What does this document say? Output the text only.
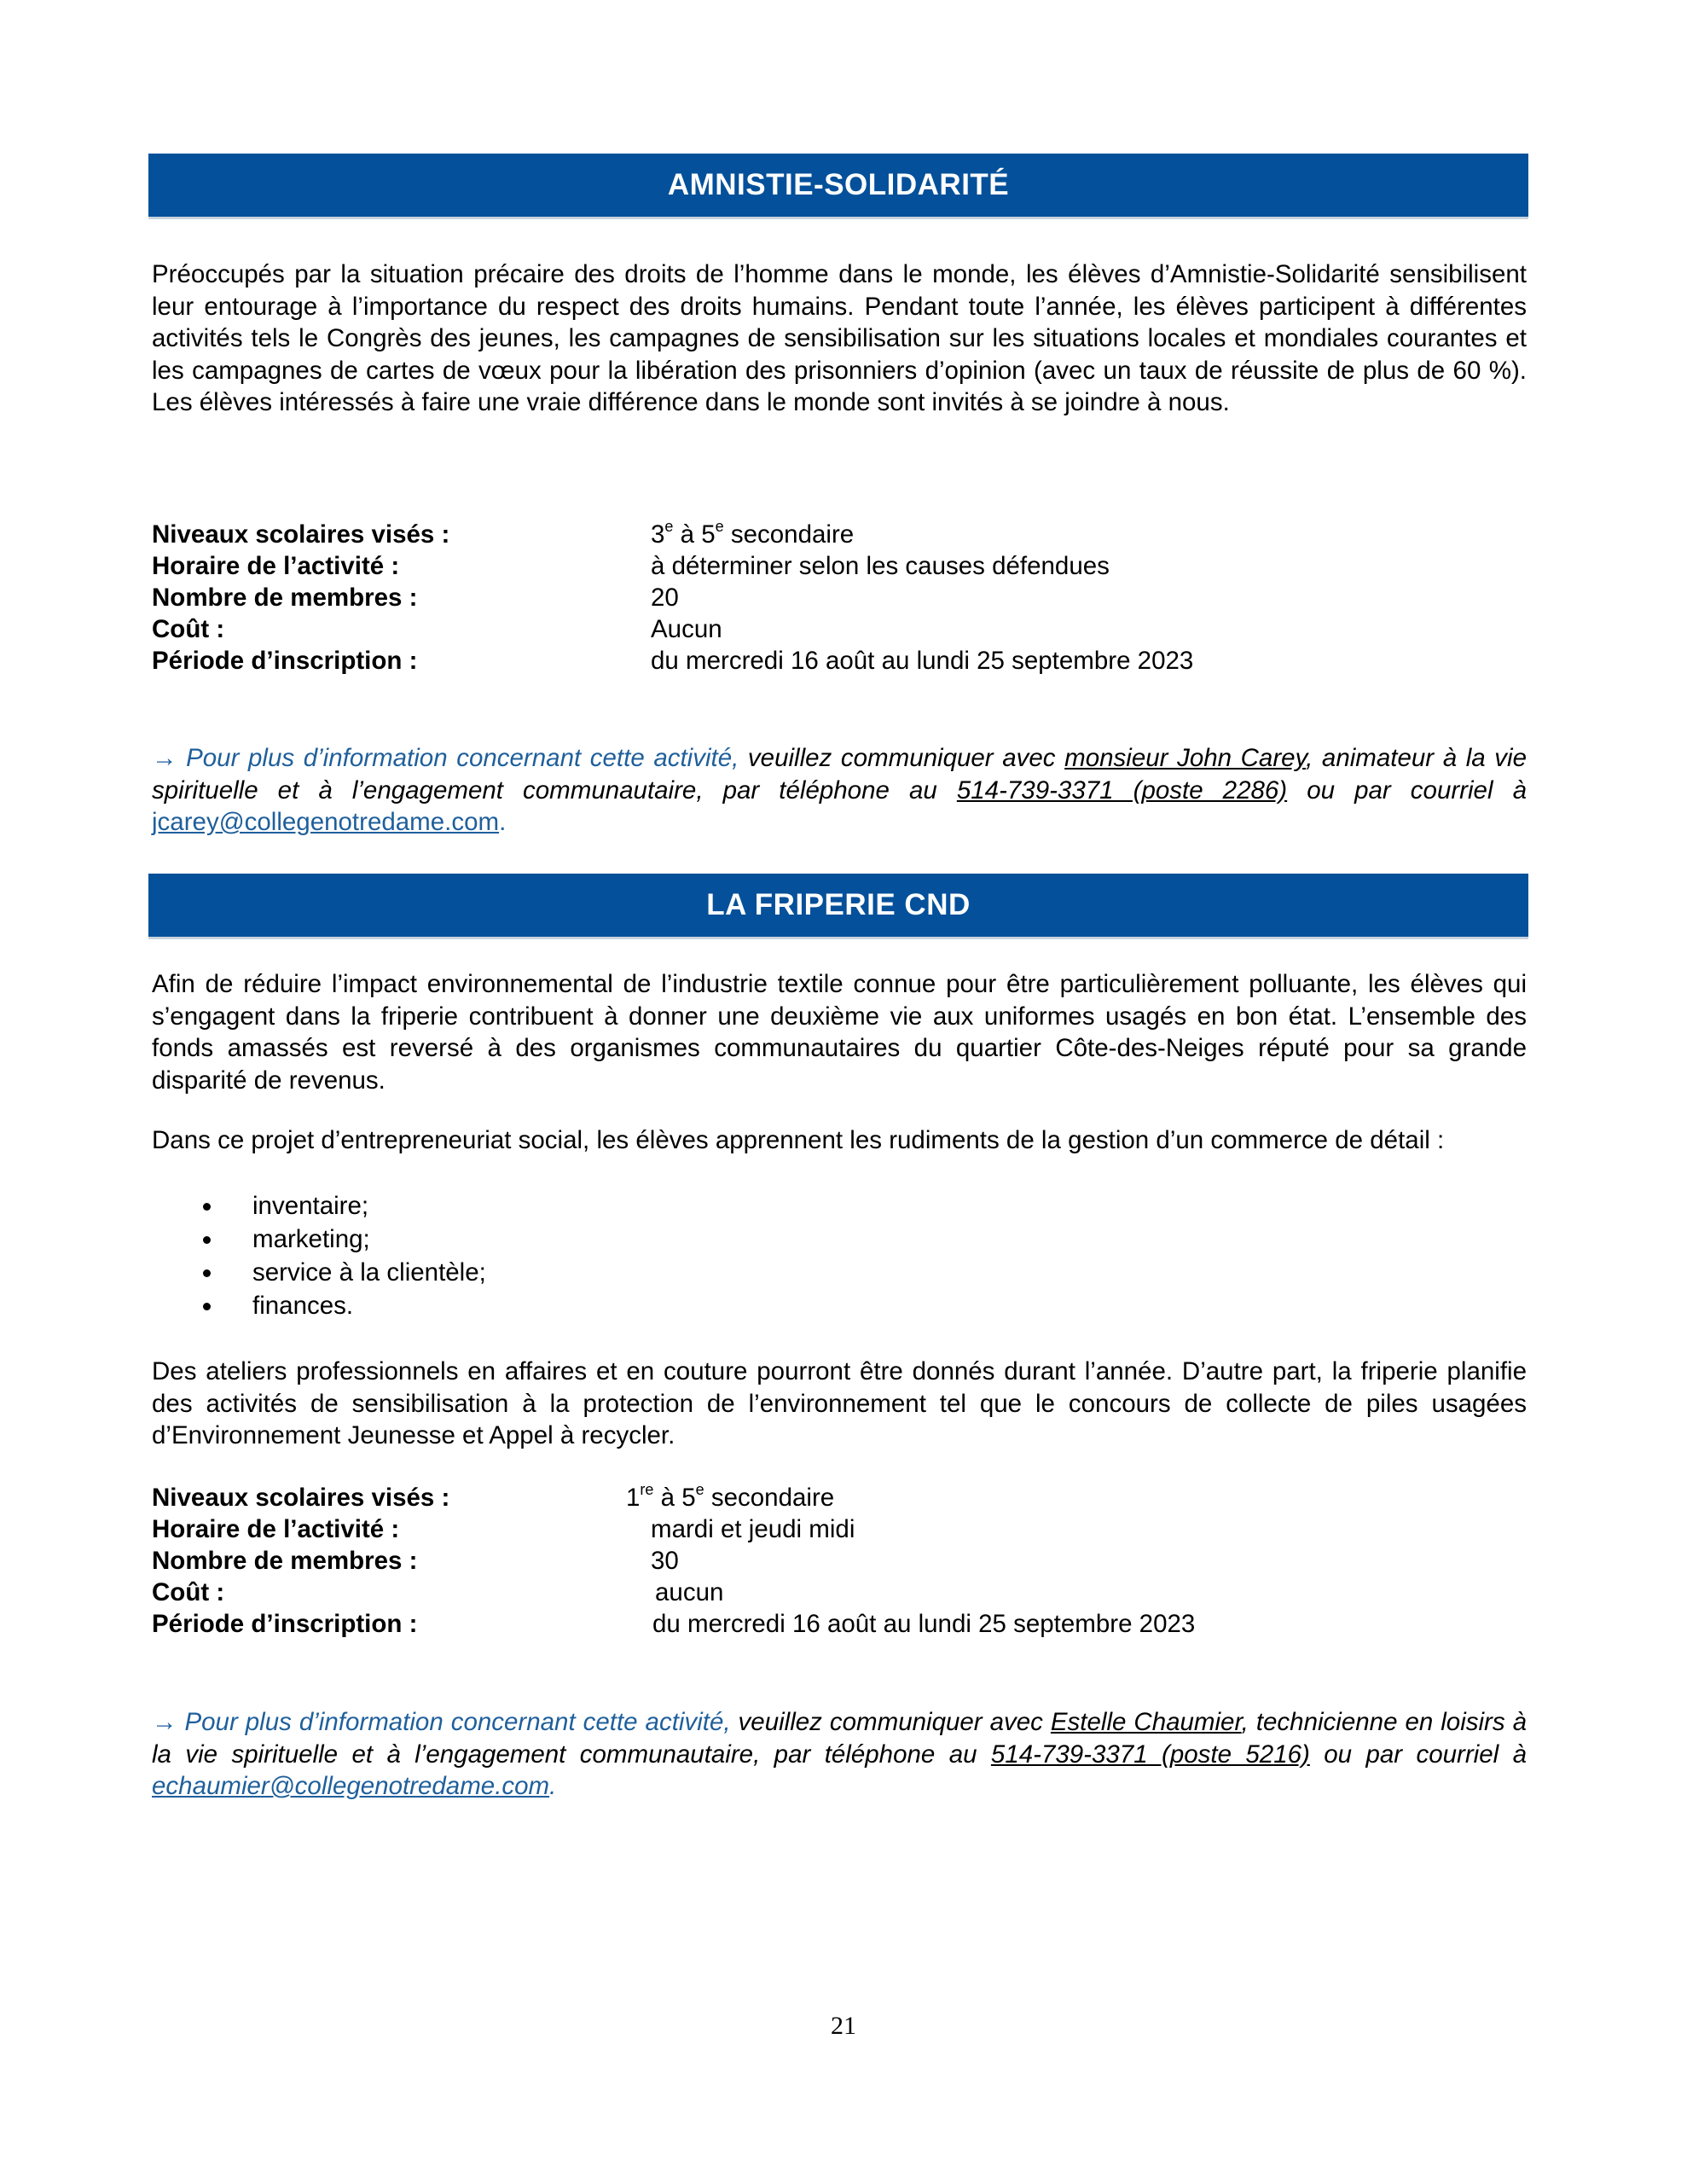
AMNISTIE-SOLIDARITÉ

Préoccupés par la situation précaire des droits de l’homme dans le monde, les élèves d’Amnistie-Solidarité sensibilisent leur entourage à l’importance du respect des droits humains. Pendant toute l’année, les élèves participent à différentes activités tels le Congrès des jeunes, les campagnes de sensibilisation sur les situations locales et mondiales courantes et les campagnes de cartes de vœux pour la libération des prisonniers d’opinion (avec un taux de réussite de plus de 60 %). Les élèves intéressés à faire une vraie différence dans le monde sont invités à se joindre à nous.

Niveaux scolaires visés :	3e à 5e secondaire
Horaire de l’activité :	à déterminer selon les causes défendues
Nombre de membres :	20
Coût :	Aucun
Période d’inscription :	du mercredi 16 août au lundi 25 septembre 2023

→ Pour plus d’information concernant cette activité, veuillez communiquer avec monsieur John Carey, animateur à la vie spirituelle et à l’engagement communautaire, par téléphone au 514-739-3371 (poste 2286) ou par courriel à jcarey@collegenotredame.com.

LA FRIPERIE CND

Afin de réduire l’impact environnemental de l’industrie textile connue pour être particulièrement polluante, les élèves qui s’engagent dans la friperie contribuent à donner une deuxième vie aux uniformes usagés en bon état. L’ensemble des fonds amassés est reversé à des organismes communautaires du quartier Côte-des-Neiges réputé pour sa grande disparité de revenus.

Dans ce projet d’entrepreneuriat social, les élèves apprennent les rudiments de la gestion d’un commerce de détail :

inventaire;
marketing;
service à la clientèle;
finances.

Des ateliers professionnels en affaires et en couture pourront être donnés durant l’année. D’autre part, la friperie planifie des activités de sensibilisation à la protection de l’environnement tel que le concours de collecte de piles usagées d’Environnement Jeunesse et Appel à recycler.

Niveaux scolaires visés :	1re à 5e secondaire
Horaire de l’activité :	mardi et jeudi midi
Nombre de membres :	30
Coût :	aucun
Période d’inscription :	du mercredi 16 août au lundi 25 septembre 2023

→ Pour plus d’information concernant cette activité, veuillez communiquer avec Estelle Chaumier, technicienne en loisirs à la vie spirituelle et à l’engagement communautaire, par téléphone au 514-739-3371 (poste 5216) ou par courriel à echaumier@collegenotredame.com.

21
